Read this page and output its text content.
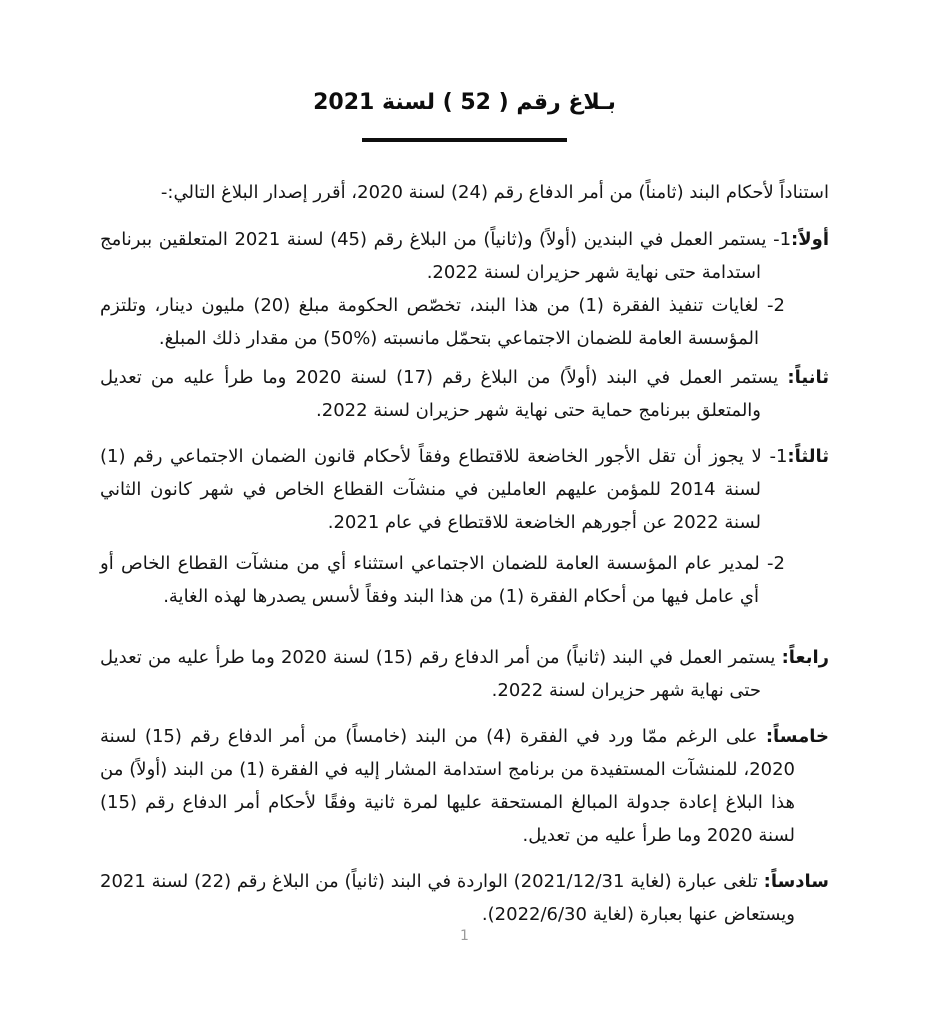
بـلاغ رقم ( 52 ) لسنة 2021

استناداً لأحكام البند (ثامناً) من أمر الدفاع رقم (24) لسنة 2020، أقرر إصدار البلاغ التالي:-

أولاً:1- يستمر العمل في البندين (أولاً) و(ثانياً) من البلاغ رقم (45) لسنة 2021 المتعلقين ببرنامج استدامة حتى نهاية شهر حزيران لسنة 2022.

2- لغايات تنفيذ الفقرة (1) من هذا البند، تخصّص الحكومة مبلغ (20) مليون دينار، وتلتزم المؤسسة العامة للضمان الاجتماعي بتحمّل مانسبته (%50) من مقدار ذلك المبلغ.

ثانياً: يستمر العمل في البند (أولاً) من البلاغ رقم (17) لسنة 2020 وما طرأ عليه من تعديل والمتعلق ببرنامج حماية حتى نهاية شهر حزيران لسنة 2022.

ثالثاً:1- لا يجوز أن تقل الأجور الخاضعة للاقتطاع وفقاً لأحكام قانون الضمان الاجتماعي رقم (1) لسنة 2014 للمؤمن عليهم العاملين في منشآت القطاع الخاص في شهر كانون الثاني لسنة 2022 عن أجورهم الخاضعة للاقتطاع في عام 2021.

2- لمدير عام المؤسسة العامة للضمان الاجتماعي استثناء أي من منشآت القطاع الخاص أو أي عامل فيها من أحكام الفقرة (1) من هذا البند وفقاً لأسس يصدرها لهذه الغاية.

رابعاً: يستمر العمل في البند (ثانياً) من أمر الدفاع رقم (15) لسنة 2020 وما طرأ عليه من تعديل حتى نهاية شهر حزيران لسنة 2022.

خامساً: على الرغم ممّا ورد في الفقرة (4) من البند (خامساً) من أمر الدفاع رقم (15) لسنة 2020، للمنشآت المستفيدة من برنامج استدامة المشار إليه في الفقرة (1) من البند (أولاً) من هذا البلاغ إعادة جدولة المبالغ المستحقة عليها لمرة ثانية وفقًا لأحكام أمر الدفاع رقم (15) لسنة 2020 وما طرأ عليه من تعديل.

سادساً: تلغى عبارة (لغاية 2021/12/31) الواردة في البند (ثانياً) من البلاغ رقم (22) لسنة 2021 ويستعاض عنها بعبارة (لغاية 2022/6/30).

1
